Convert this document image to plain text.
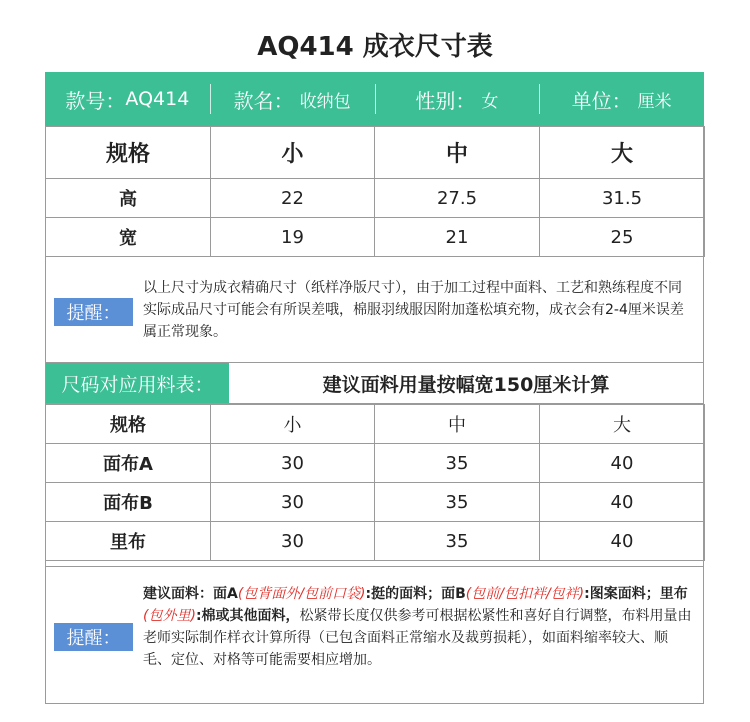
AQ414 成衣尺寸表
款号： AQ414 款名： 收纳包	性别： 女	单位： 厘米
规格	小	中	大
高	22	27.5	31.5
宽	19	21	25
提醒：
以上尺寸为成衣精确尺寸（纸样净版尺寸），由于加工过程中面料、工艺和熟练程度不同实际成品尺寸可能会有所误差哦，棉服羽绒服因附加蓬松填充物，成衣会有2-4厘米误差属正常现象。
尺码对应用料表：	建议面料用量按幅宽150厘米计算
规格	小	中	大
面布A	30	35	40
面布B	30	35	40
里布	30	35	40
提醒：
建议面料：面A(包背面外/包前口袋):挺的面料；面B(包前/包扣袢/包袢):图案面料；里布(包外里):棉或其他面料，松紧带长度仅供参考可根据松紧性和喜好自行调整，布料用量由老师实际制作样衣计算所得（已包含面料正常缩水及裁剪损耗），如面料缩率较大、顺毛、定位、对格等可能需要相应增加。
